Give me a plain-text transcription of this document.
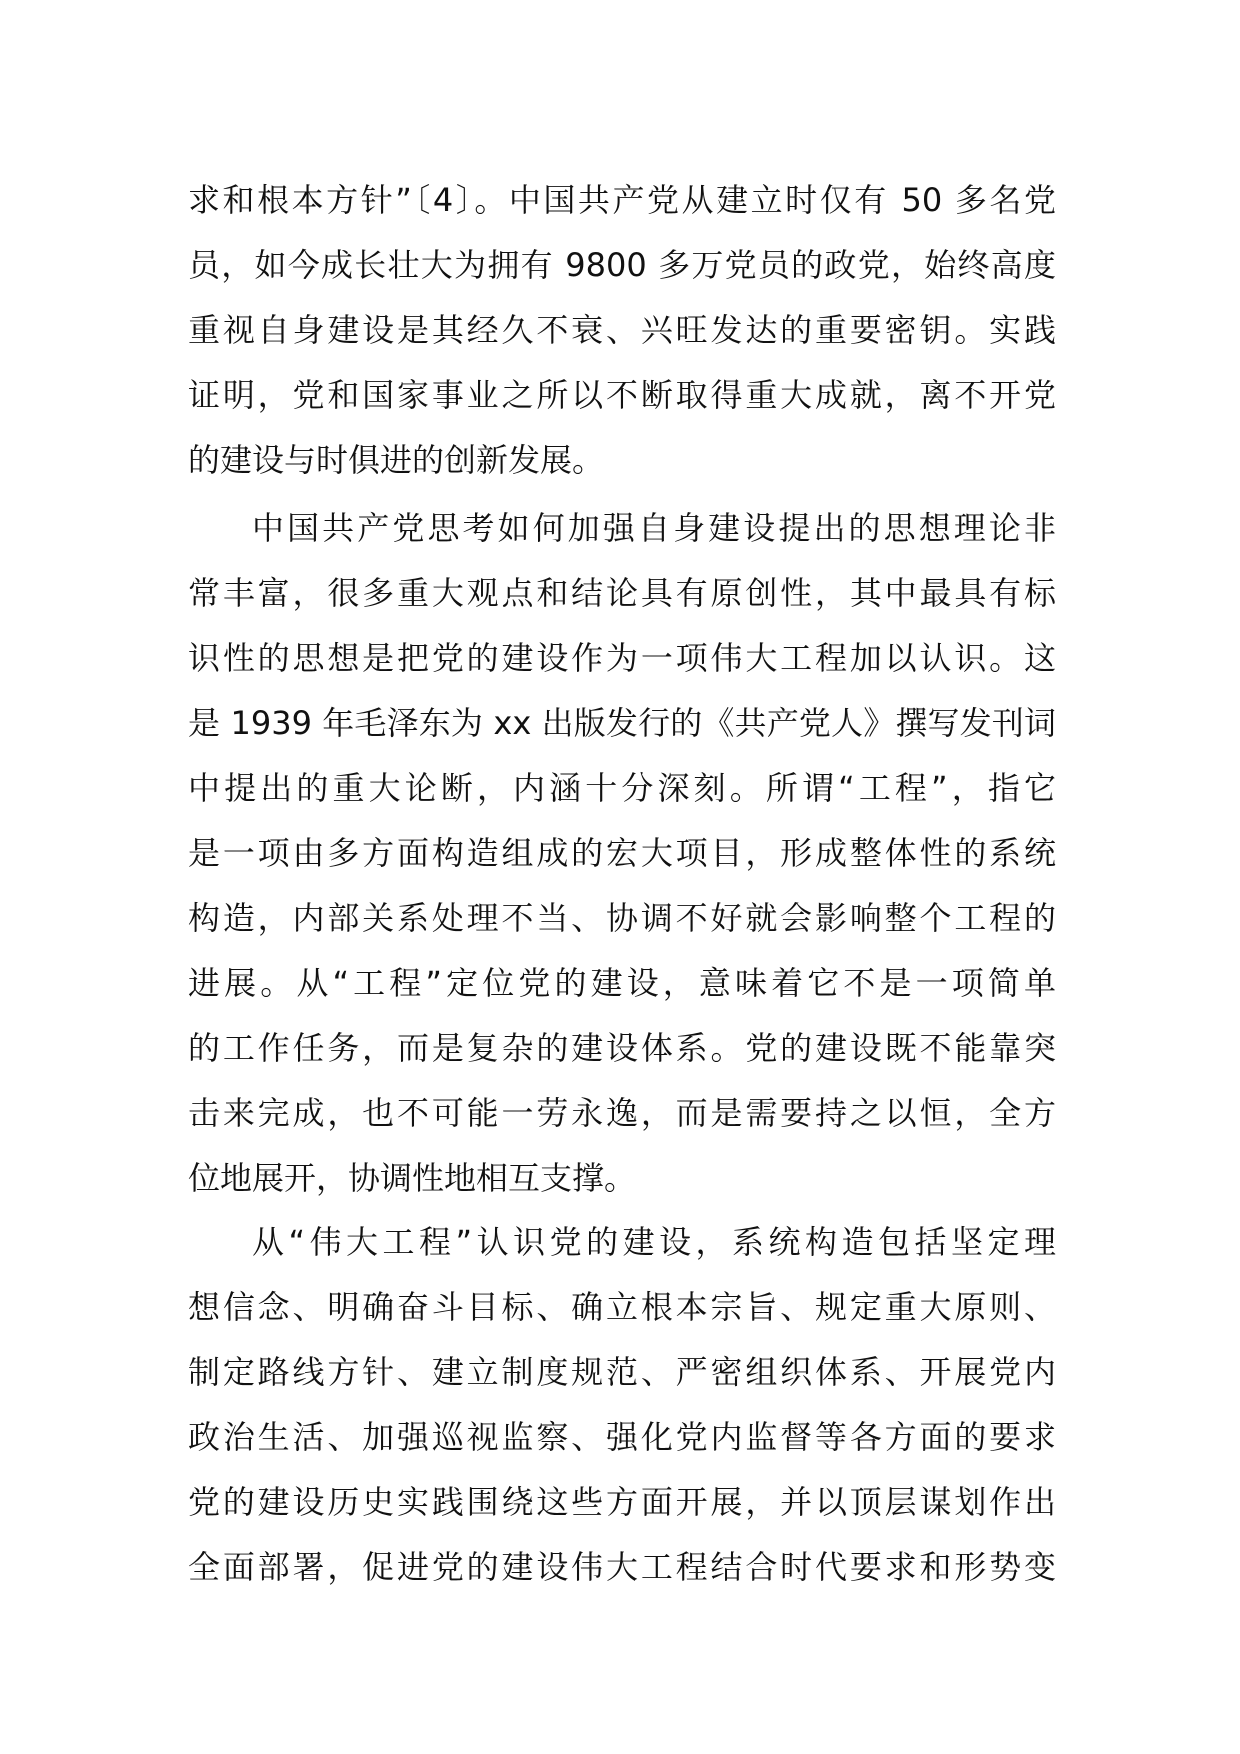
求和根本方针”〔4〕。中国共产党从建立时仅有 50 多名党
员，如今成长壮大为拥有 9800 多万党员的政党，始终高度
重视自身建设是其经久不衰、兴旺发达的重要密钥。实践
证明，党和国家事业之所以不断取得重大成就，离不开党
的建设与时俱进的创新发展。
中国共产党思考如何加强自身建设提出的思想理论非
常丰富，很多重大观点和结论具有原创性，其中最具有标
识性的思想是把党的建设作为一项伟大工程加以认识。这
是 1939 年毛泽东为 xx 出版发行的《共产党人》撰写发刊词
中提出的重大论断，内涵十分深刻。所谓“工程”，指它
是一项由多方面构造组成的宏大项目，形成整体性的系统
构造，内部关系处理不当、协调不好就会影响整个工程的
进展。从“工程”定位党的建设，意味着它不是一项简单
的工作任务，而是复杂的建设体系。党的建设既不能靠突
击来完成，也不可能一劳永逸，而是需要持之以恒，全方
位地展开，协调性地相互支撑。
从“伟大工程”认识党的建设，系统构造包括坚定理
想信念、明确奋斗目标、确立根本宗旨、规定重大原则、
制定路线方针、建立制度规范、严密组织体系、开展党内
政治生活、加强巡视监察、强化党内监督等各方面的要求
党的建设历史实践围绕这些方面开展，并以顶层谋划作出
全面部署，促进党的建设伟大工程结合时代要求和形势变
